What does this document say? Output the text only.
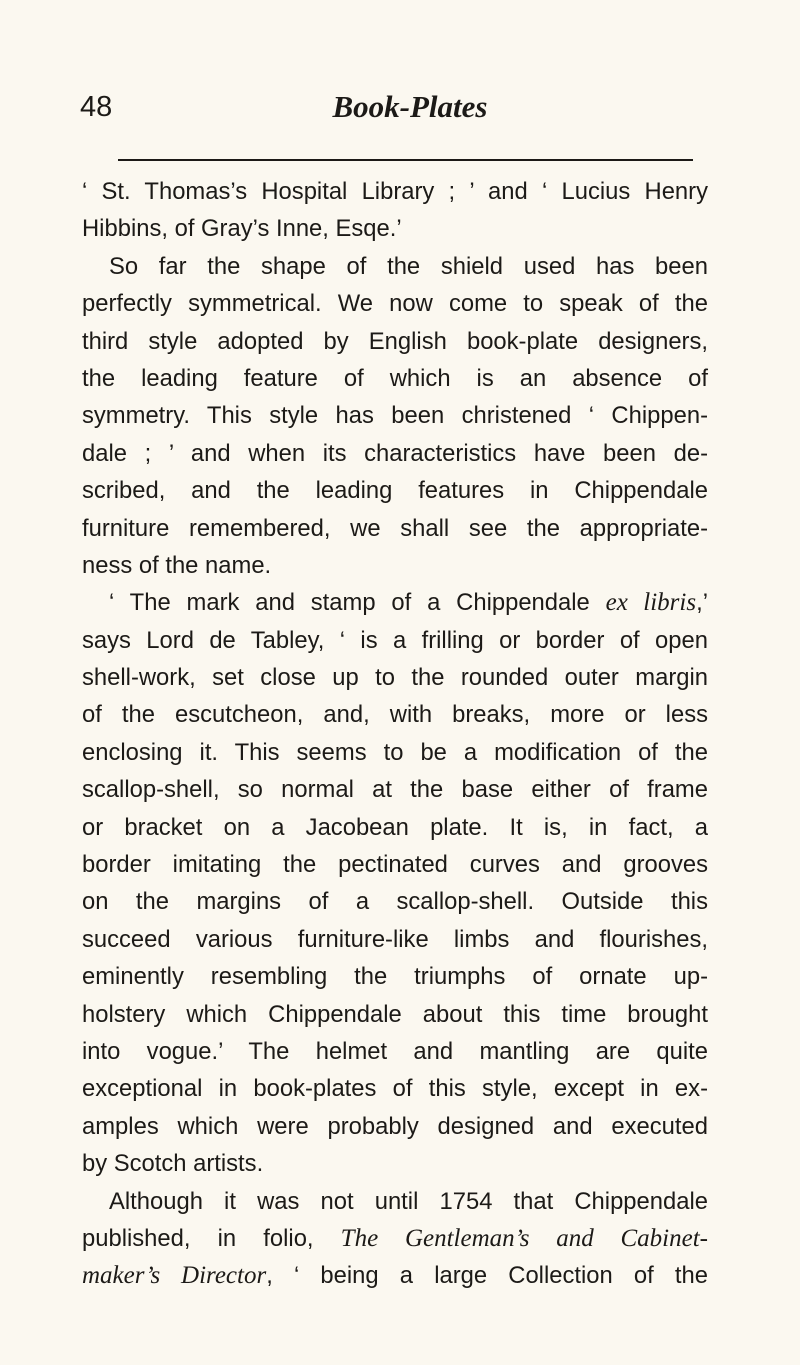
48	Book-Plates
‘ St. Thomas’s Hospital Library ; ’ and ‘ Lucius Henry
Hibbins, of Gray’s Inne, Esqe.’
So far the shape of the shield used has been
perfectly symmetrical. We now come to speak of the
third style adopted by English book-plate designers,
the leading feature of which is an absence of
symmetry. This style has been christened ‘ Chippen-
dale ; ’ and when its characteristics have been de-
scribed, and the leading features in Chippendale
furniture remembered, we shall see the appropriate-
ness of the name.
‘ The mark and stamp of a Chippendale ex libris,’
says Lord de Tabley, ‘ is a frilling or border of open
shell-work, set close up to the rounded outer margin
of the escutcheon, and, with breaks, more or less
enclosing it. This seems to be a modification of the
scallop-shell, so normal at the base either of frame
or bracket on a Jacobean plate. It is, in fact, a
border imitating the pectinated curves and grooves
on the margins of a scallop-shell. Outside this
succeed various furniture-like limbs and flourishes,
eminently resembling the triumphs of ornate up-
holstery which Chippendale about this time brought
into vogue.’ The helmet and mantling are quite
exceptional in book-plates of this style, except in ex-
amples which were probably designed and executed
by Scotch artists.
Although it was not until 1754 that Chippendale
published, in folio, The Gentleman’s and Cabinet-
maker’s Director, ‘ being a large Collection of the
